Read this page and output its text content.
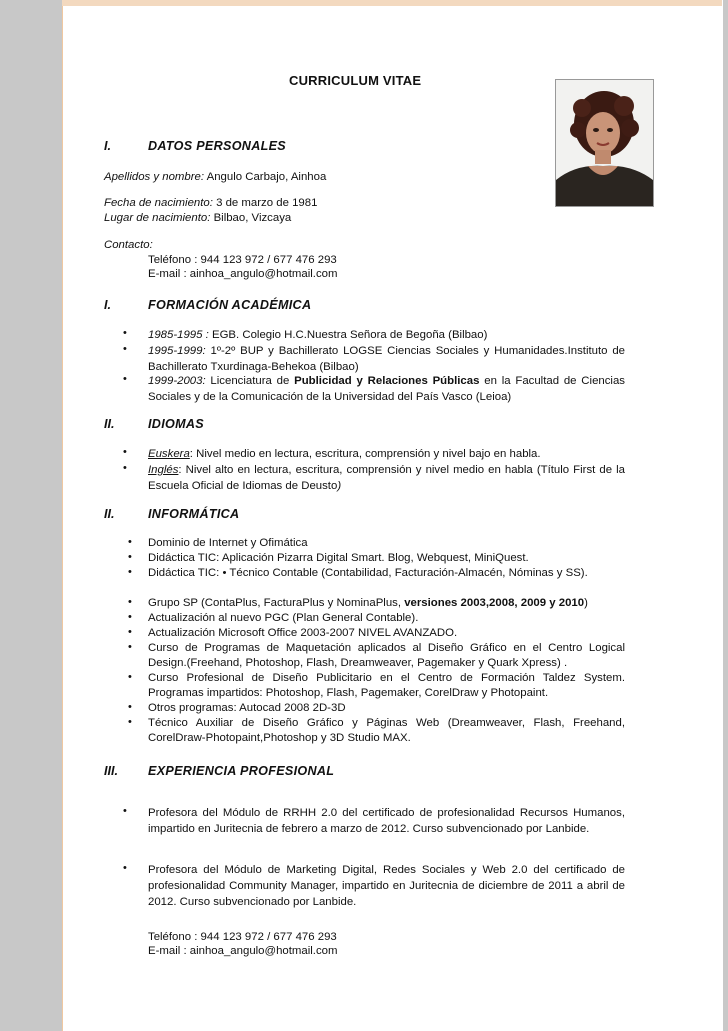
CURRICULUM VITAE
I.	DATOS PERSONALES
Apellidos y nombre: Angulo Carbajo, Ainhoa
Fecha de nacimiento: 3 de marzo de 1981
Lugar de nacimiento: Bilbao, Vizcaya
Contacto:
Teléfono : 944 123 972 / 677 476 293
E-mail : ainhoa_angulo@hotmail.com
I.	FORMACIÓN ACADÉMICA
• 1985-1995 : EGB. Colegio H.C.Nuestra Señora de Begoña (Bilbao)
• 1995-1999: 1º-2º BUP y Bachillerato LOGSE Ciencias Sociales y Humanidades.Instituto de Bachillerato Txurdinaga-Behekoa (Bilbao)
• 1999-2003: Licenciatura de Publicidad y Relaciones Públicas en la Facultad de Ciencias Sociales y de la Comunicación de la Universidad del País Vasco (Leioa)
II.	IDIOMAS
• Euskera: Nivel medio en lectura, escritura, comprensión y nivel bajo en habla.
• Inglés: Nivel alto en lectura, escritura, comprensión y nivel medio en habla (Título First de la Escuela Oficial de Idiomas de Deusto)
II.	INFORMÁTICA
• Dominio de Internet y Ofimática
• Didáctica TIC: Aplicación Pizarra Digital Smart. Blog, Webquest, MiniQuest.
• Didáctica TIC: • Técnico Contable (Contabilidad, Facturación-Almacén, Nóminas y SS).
• Grupo SP (ContaPlus, FacturaPlus y NominaPlus, versiones 2003,2008, 2009 y 2010)
• Actualización al nuevo PGC (Plan General Contable).
• Actualización Microsoft Office 2003-2007 NIVEL AVANZADO.
• Curso de Programas de Maquetación aplicados al Diseño Gráfico en el Centro Logical Design.(Freehand, Photoshop, Flash, Dreamweaver, Pagemaker y Quark Xpress) .
• Curso Profesional de Diseño Publicitario en el Centro de Formación Taldez System. Programas impartidos: Photoshop, Flash, Pagemaker, CorelDraw y Photopaint.
• Otros programas: Autocad 2008 2D-3D
• Técnico Auxiliar de Diseño Gráfico y Páginas Web (Dreamweaver, Flash, Freehand, CorelDraw-Photopaint,Photoshop y 3D Studio MAX.
III. EXPERIENCIA PROFESIONAL
• Profesora del Módulo de RRHH 2.0 del certificado de profesionalidad Recursos Humanos, impartido en Juritecnia de febrero a marzo de 2012. Curso subvencionado por Lanbide.
• Profesora del Módulo de Marketing Digital, Redes Sociales y Web 2.0 del certificado de profesionalidad Community Manager, impartido en Juritecnia de diciembre de 2011 a abril de 2012. Curso subvencionado por Lanbide.
Teléfono : 944 123 972 / 677 476 293
E-mail : ainhoa_angulo@hotmail.com
